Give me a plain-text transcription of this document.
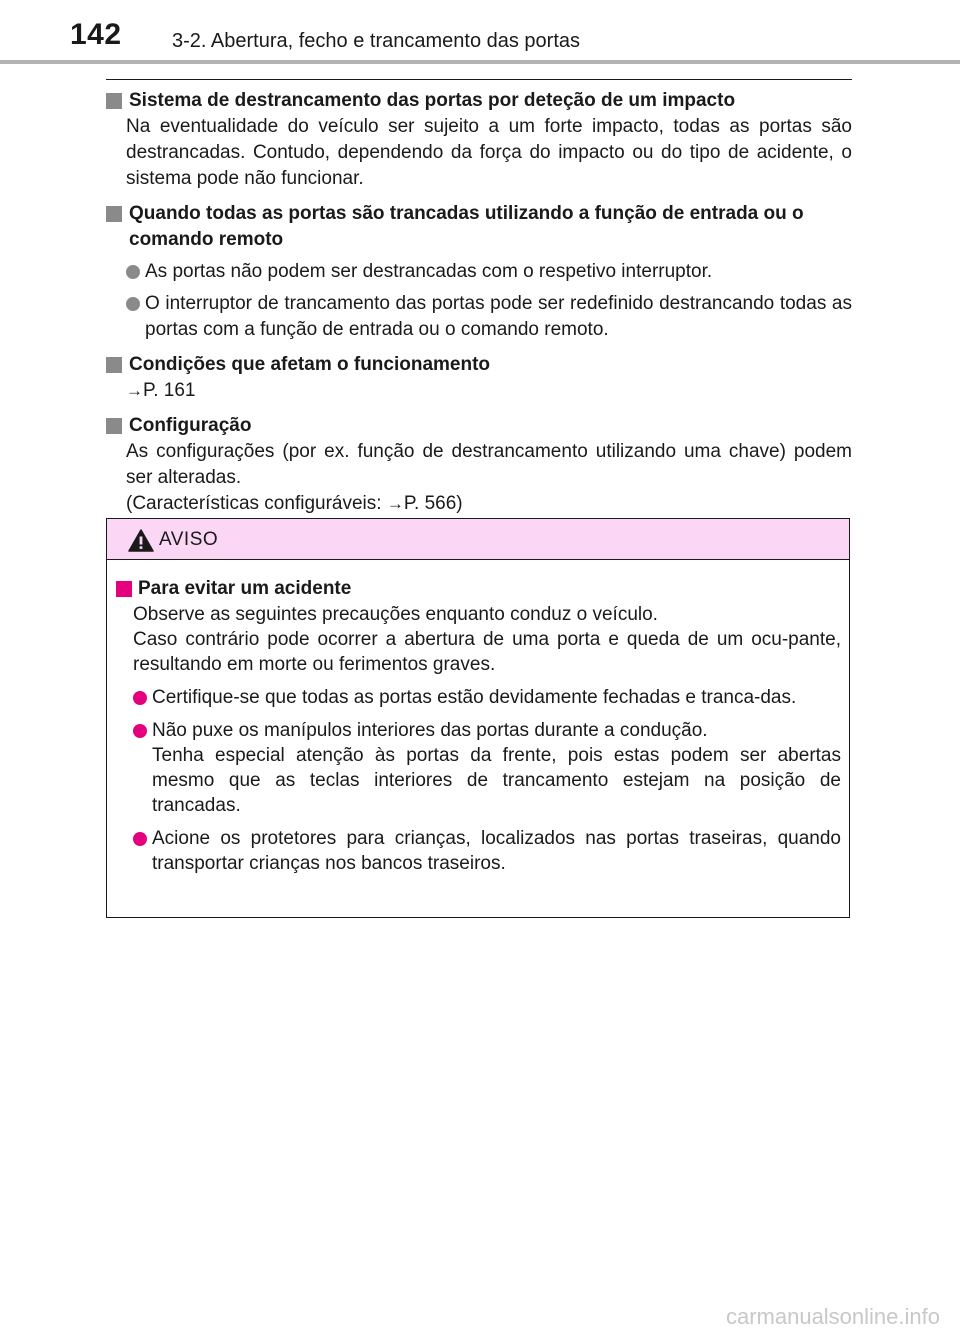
142	3-2. Abertura, fecho e trancamento das portas
Sistema de destrancamento das portas por deteção de um impacto
Na eventualidade do veículo ser sujeito a um forte impacto, todas as portas são destrancadas. Contudo, dependendo da força do impacto ou do tipo de acidente, o sistema pode não funcionar.
Quando todas as portas são trancadas utilizando a função de entrada ou o comando remoto
As portas não podem ser destrancadas com o respetivo interruptor.
O interruptor de trancamento das portas pode ser redefinido destrancando todas as portas com a função de entrada ou o comando remoto.
Condições que afetam o funcionamento
→P. 161
Configuração
As configurações (por ex. função de destrancamento utilizando uma chave) podem ser alteradas.
(Características configuráveis: →P. 566)
AVISO
Para evitar um acidente
Observe as seguintes precauções enquanto conduz o veículo.
Caso contrário pode ocorrer a abertura de uma porta e queda de um ocu-pante, resultando em morte ou ferimentos graves.
Certifique-se que todas as portas estão devidamente fechadas e tranca-das.
Não puxe os manípulos interiores das portas durante a condução.
Tenha especial atenção às portas da frente, pois estas podem ser abertas mesmo que as teclas interiores de trancamento estejam na posição de trancadas.
Acione os protetores para crianças, localizados nas portas traseiras, quando transportar crianças nos bancos traseiros.
carmanualsonline.info
